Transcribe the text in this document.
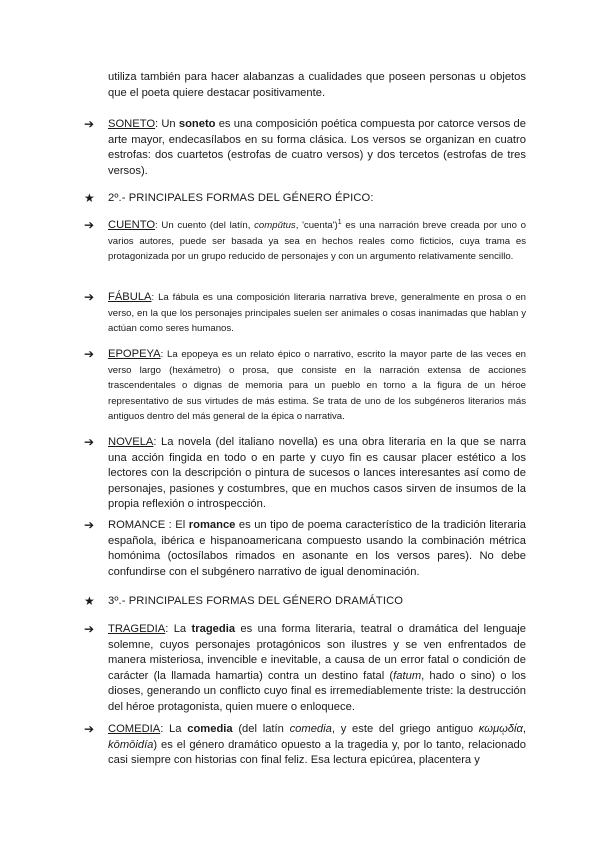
utiliza también para hacer alabanzas a cualidades que poseen personas u objetos que el poeta quiere destacar positivamente.
➔	SONETO: Un soneto es una composición poética compuesta por catorce versos de arte mayor, endecasílabos en su forma clásica. Los versos se organizan en cuatro estrofas: dos cuartetos (estrofas de cuatro versos) y dos tercetos (estrofas de tres versos).
★	2º.- PRINCIPALES FORMAS DEL GÉNERO ÉPICO:
➔	CUENTO: Un cuento (del latín, compŭtus, 'cuenta')$^1$ es una narración breve creada por uno o varios autores, puede ser basada ya sea en hechos reales como ficticios, cuya trama es protagonizada por un grupo reducido de personajes y con un argumento relativamente sencillo.
➔	FÁBULA: La fábula es una composición literaria narrativa breve, generalmente en prosa o en verso, en la que los personajes principales suelen ser animales o cosas inanimadas que hablan y actúan como seres humanos.
➔	EPOPEYA: La epopeya es un relato épico o narrativo, escrito la mayor parte de las veces en verso largo (hexámetro) o prosa, que consiste en la narración extensa de acciones trascendentales o dignas de memoria para un pueblo en torno a la figura de un héroe representativo de sus virtudes de más estima. Se trata de uno de los subgéneros literarios más antiguos dentro del más general de la épica o narrativa.
➔	NOVELA: La novela (del italiano novella) es una obra literaria en la que se narra una acción fingida en todo o en parte y cuyo fin es causar placer estético a los lectores con la descripción o pintura de sucesos o lances interesantes así como de personajes, pasiones y costumbres, que en muchos casos sirven de insumos de la propia reflexión o introspección.
➔	ROMANCE : El romance es un tipo de poema característico de la tradición literaria española, ibérica e hispanoamericana compuesto usando la combinación métrica homónima (octosílabos rimados en asonante en los versos pares). No debe confundirse con el subgénero narrativo de igual denominación.
★	3º.- PRINCIPALES FORMAS DEL GÉNERO DRAMÁTICO
➔	TRAGEDIA: La tragedia es una forma literaria, teatral o dramática del lenguaje solemne, cuyos personajes protagónicos son ilustres y se ven enfrentados de manera misteriosa, invencible e inevitable, a causa de un error fatal o condición de carácter (la llamada hamartia) contra un destino fatal (fatum, hado o sino) o los dioses, generando un conflicto cuyo final es irremediablemente triste: la destrucción del héroe protagonista, quien muere o enloquece.
➔	COMEDIA: La comedia (del latín comedia, y este del griego antiguo κωμῳδία, kōmōidía) es el género dramático opuesto a la tragedia y, por lo tanto, relacionado casi siempre con historias con final feliz. Esa lectura epicúrea, placentera y
